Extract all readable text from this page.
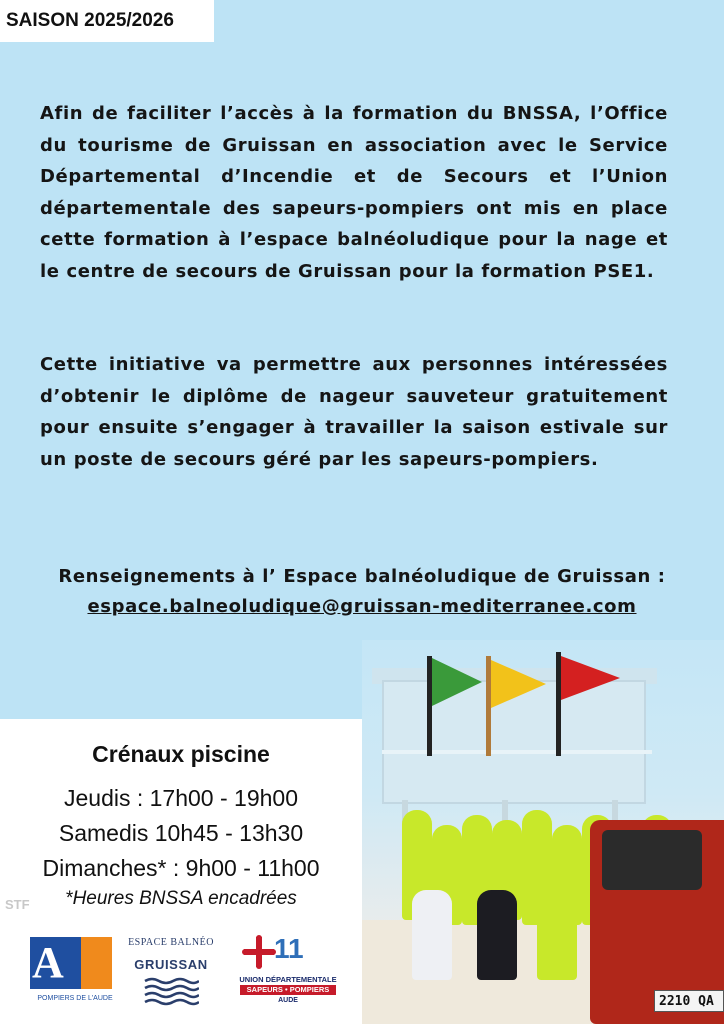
SAISON 2025/2026
Afin de faciliter l’accès à la formation du BNSSA, l’Office du tourisme de Gruissan en association avec le Service Départemental d’Incendie et de Secours et l’Union départementale des sapeurs-pompiers ont mis en place cette formation à l’espace balnéoludique pour la nage et le centre de secours de Gruissan pour la formation PSE1.
Cette initiative va permettre aux personnes intéressées d’obtenir le diplôme de nageur sauveteur gratuitement pour ensuite s’engager à travailler la saison estivale sur un poste de secours géré par les sapeurs-pompiers.
Renseignements à l’ Espace balnéoludique de Gruissan :
espace.balneoludique@gruissan-mediterranee.com
2210 QA
Crénaux piscine
Jeudis : 17h00 - 19h00
Samedis 10h45 - 13h30
Dimanches* : 9h00 - 11h00
STF	*Heures BNSSA encadrées
A
POMPIERS DE L'AUDE
ESPACE BALNÉO
GRUISSAN
11
UNION DÉPARTEMENTALE
SAPEURS • POMPIERS
AUDE
